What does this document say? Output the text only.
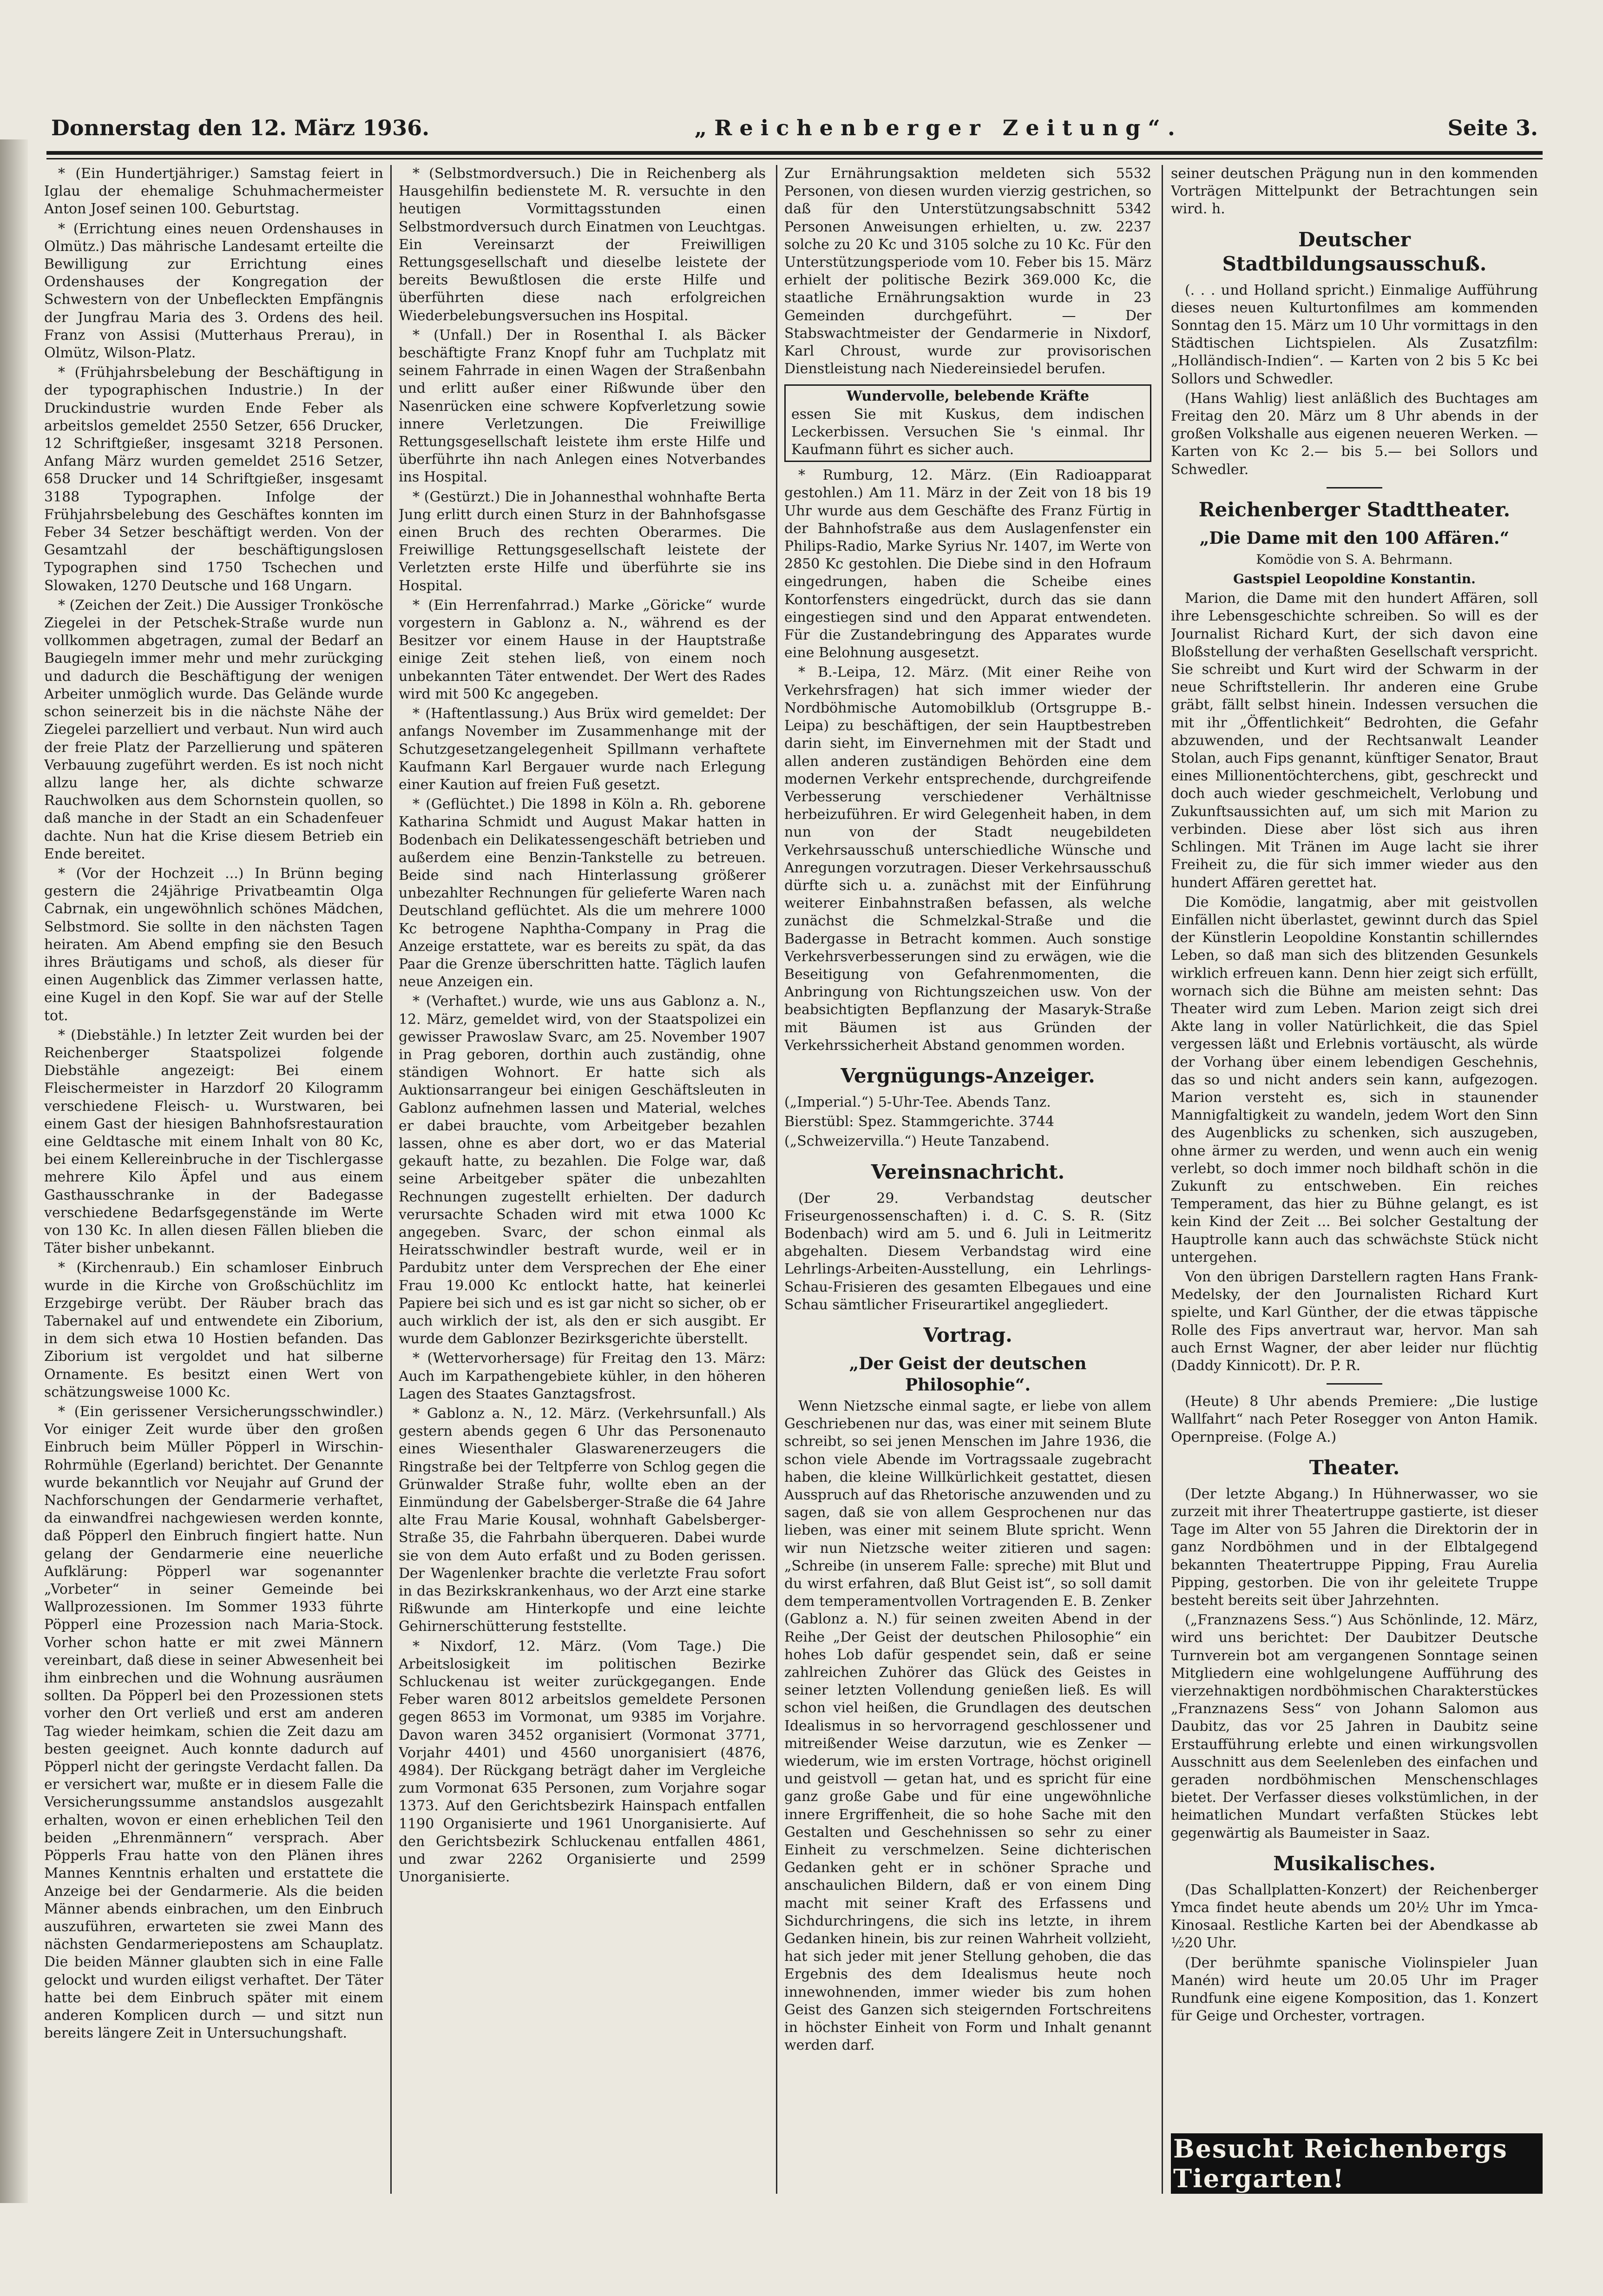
Donnerstag den 12. März 1936.	„Reichenberger Zeitung“.	Seite 3.

* (Ein Hundertjähriger.) Samstag feiert in Iglau der ehemalige Schuhmachermeister Anton Josef seinen 100. Geburtstag.

* (Errichtung eines neuen Ordenshauses in Olmütz.) Das mährische Landesamt erteilte die Bewilligung zur Errichtung eines Ordenshauses der Kongregation der Schwestern von der Unbefleckten Empfängnis der Jungfrau Maria des 3. Ordens des heil. Franz von Assisi (Mutterhaus Prerau), in Olmütz, Wilson-Platz.

* (Frühjahrsbelebung der Beschäftigung in der typographischen Industrie.) In der Druckindustrie wurden Ende Feber als arbeitslos gemeldet 2550 Setzer, 656 Drucker, 12 Schriftgießer, insgesamt 3218 Personen. Anfang März wurden gemeldet 2516 Setzer, 658 Drucker und 14 Schriftgießer, insgesamt 3188 Typographen. Infolge der Frühjahrsbelebung des Geschäftes konnten im Feber 34 Setzer beschäftigt werden. Von der Gesamtzahl der beschäftigungslosen Typographen sind 1750 Tschechen und Slowaken, 1270 Deutsche und 168 Ungarn.

* (Zeichen der Zeit.) Die Aussiger Tronkösche Ziegelei in der Petschek-Straße wurde nun vollkommen abgetragen, zumal der Bedarf an Baugiegeln immer mehr und mehr zurückging und dadurch die Beschäftigung der wenigen Arbeiter unmöglich wurde. Das Gelände wurde schon seinerzeit bis in die nächste Nähe der Ziegelei parzelliert und verbaut. Nun wird auch der freie Platz der Parzellierung und späteren Verbauung zugeführt werden. Es ist noch nicht allzu lange her, als dichte schwarze Rauchwolken aus dem Schornstein quollen, so daß manche in der Stadt an ein Schadenfeuer dachte. Nun hat die Krise diesem Betrieb ein Ende bereitet.

* (Vor der Hochzeit ...) In Brünn beging gestern die 24jährige Privatbeamtin Olga Cabrnak, ein ungewöhnlich schönes Mädchen, Selbstmord. Sie sollte in den nächsten Tagen heiraten. Am Abend empfing sie den Besuch ihres Bräutigams und schoß, als dieser für einen Augenblick das Zimmer verlassen hatte, eine Kugel in den Kopf. Sie war auf der Stelle tot.

* (Diebstähle.) In letzter Zeit wurden bei der Reichenberger Staatspolizei folgende Diebstähle angezeigt: Bei einem Fleischermeister in Harzdorf 20 Kilogramm verschiedene Fleisch- u. Wurstwaren, bei einem Gast der hiesigen Bahnhofsrestauration eine Geldtasche mit einem Inhalt von 80 Kc, bei einem Kellereinbruche in der Tischlergasse mehrere Kilo Äpfel und aus einem Gasthausschranke in der Badegasse verschiedene Bedarfsgegenstände im Werte von 130 Kc. In allen diesen Fällen blieben die Täter bisher unbekannt.

* (Kirchenraub.) Ein schamloser Einbruch wurde in die Kirche von Großschüchlitz im Erzgebirge verübt. Der Räuber brach das Tabernakel auf und entwendete ein Ziborium, in dem sich etwa 10 Hostien befanden. Das Ziborium ist vergoldet und hat silberne Ornamente. Es besitzt einen Wert von schätzungsweise 1000 Kc.

* (Ein gerissener Versicherungsschwindler.) Vor einiger Zeit wurde über den großen Einbruch beim Müller Pöpperl in Wirschin-Rohrmühle (Egerland) berichtet. Der Genannte wurde bekanntlich vor Neujahr auf Grund der Nachforschungen der Gendarmerie verhaftet, da einwandfrei nachgewiesen werden konnte, daß Pöpperl den Einbruch fingiert hatte. Nun gelang der Gendarmerie eine neuerliche Aufklärung: Pöpperl war sogenannter „Vorbeter“ in seiner Gemeinde bei Wallprozessionen. Im Sommer 1933 führte Pöpperl eine Prozession nach Maria-Stock. Vorher schon hatte er mit zwei Männern vereinbart, daß diese in seiner Abwesenheit bei ihm einbrechen und die Wohnung ausräumen sollten. Da Pöpperl bei den Prozessionen stets vorher den Ort verließ und erst am anderen Tag wieder heimkam, schien die Zeit dazu am besten geeignet. Auch konnte dadurch auf Pöpperl nicht der geringste Verdacht fallen. Da er versichert war, mußte er in diesem Falle die Versicherungssumme anstandslos ausgezahlt erhalten, wovon er einen erheblichen Teil den beiden „Ehrenmännern“ versprach. Aber Pöpperls Frau hatte von den Plänen ihres Mannes Kenntnis erhalten und erstattete die Anzeige bei der Gendarmerie. Als die beiden Männer abends einbrachen, um den Einbruch auszuführen, erwarteten sie zwei Mann des nächsten Gendarmeriepostens am Schauplatz. Die beiden Männer glaubten sich in eine Falle gelockt und wurden eiligst verhaftet. Der Täter hatte bei dem Einbruch später mit einem anderen Komplicen durch — und sitzt nun bereits längere Zeit in Untersuchungshaft.

* (Selbstmordversuch.) Die in Reichenberg als Hausgehilfin bedienstete M. R. versuchte in den heutigen Vormittagsstunden einen Selbstmordversuch durch Einatmen von Leuchtgas. Ein Vereinsarzt der Freiwilligen Rettungsgesellschaft und dieselbe leistete der bereits Bewußtlosen die erste Hilfe und überführten diese nach erfolgreichen Wiederbelebungsversuchen ins Hospital.

* (Unfall.) Der in Rosenthal I. als Bäcker beschäftigte Franz Knopf fuhr am Tuchplatz mit seinem Fahrrade in einen Wagen der Straßenbahn und erlitt außer einer Rißwunde über den Nasenrücken eine schwere Kopfverletzung sowie innere Verletzungen. Die Freiwillige Rettungsgesellschaft leistete ihm erste Hilfe und überführte ihn nach Anlegen eines Notverbandes ins Hospital.

* (Gestürzt.) Die in Johannesthal wohnhafte Berta Jung erlitt durch einen Sturz in der Bahnhofsgasse einen Bruch des rechten Oberarmes. Die Freiwillige Rettungsgesellschaft leistete der Verletzten erste Hilfe und überführte sie ins Hospital.

* (Ein Herrenfahrrad.) Marke „Göricke“ wurde vorgestern in Gablonz a. N., während es der Besitzer vor einem Hause in der Hauptstraße einige Zeit stehen ließ, von einem noch unbekannten Täter entwendet. Der Wert des Rades wird mit 500 Kc angegeben.

* (Haftentlassung.) Aus Brüx wird gemeldet: Der anfangs November im Zusammenhange mit der Schutzgesetzangelegenheit Spillmann verhaftete Kaufmann Karl Bergauer wurde nach Erlegung einer Kaution auf freien Fuß gesetzt.

* (Geflüchtet.) Die 1898 in Köln a. Rh. geborene Katharina Schmidt und August Makar hatten in Bodenbach ein Delikatessengeschäft betrieben und außerdem eine Benzin-Tankstelle zu betreuen. Beide sind nach Hinterlassung größerer unbezahlter Rechnungen für gelieferte Waren nach Deutschland geflüchtet. Als die um mehrere 1000 Kc betrogene Naphtha-Company in Prag die Anzeige erstattete, war es bereits zu spät, da das Paar die Grenze überschritten hatte. Täglich laufen neue Anzeigen ein.

* (Verhaftet.) wurde, wie uns aus Gablonz a. N., 12. März, gemeldet wird, von der Staatspolizei ein gewisser Prawoslaw Svarc, am 25. November 1907 in Prag geboren, dorthin auch zuständig, ohne ständigen Wohnort. Er hatte sich als Auktionsarrangeur bei einigen Geschäftsleuten in Gablonz aufnehmen lassen und Material, welches er dabei brauchte, vom Arbeitgeber bezahlen lassen, ohne es aber dort, wo er das Material gekauft hatte, zu bezahlen. Die Folge war, daß seine Arbeitgeber später die unbezahlten Rechnungen zugestellt erhielten. Der dadurch verursachte Schaden wird mit etwa 1000 Kc angegeben. Svarc, der schon einmal als Heiratsschwindler bestraft wurde, weil er in Pardubitz unter dem Versprechen der Ehe einer Frau 19.000 Kc entlockt hatte, hat keinerlei Papiere bei sich und es ist gar nicht so sicher, ob er auch wirklich der ist, als den er sich ausgibt. Er wurde dem Gablonzer Bezirksgerichte überstellt.

* (Wettervorhersage) für Freitag den 13. März: Auch im Karpathengebiete kühler, in den höheren Lagen des Staates Ganztagsfrost.

* Gablonz a. N., 12. März. (Verkehrsunfall.) Als gestern abends gegen 6 Uhr das Personenauto eines Wiesenthaler Glaswarenerzeugers die Ringstraße bei der Teltpferre von Schlog gegen die Grünwalder Straße fuhr, wollte eben an der Einmündung der Gabelsberger-Straße die 64 Jahre alte Frau Marie Kousal, wohnhaft Gabelsberger-Straße 35, die Fahrbahn überqueren. Dabei wurde sie von dem Auto erfaßt und zu Boden gerissen. Der Wagenlenker brachte die verletzte Frau sofort in das Bezirkskrankenhaus, wo der Arzt eine starke Rißwunde am Hinterkopfe und eine leichte Gehirnerschütterung feststellte.

* Nixdorf, 12. März. (Vom Tage.) Die Arbeitslosigkeit im politischen Bezirke Schluckenau ist weiter zurückgegangen. Ende Feber waren 8012 arbeitslos gemeldete Personen gegen 8653 im Vormonat, um 9385 im Vorjahre. Davon waren 3452 organisiert (Vormonat 3771, Vorjahr 4401) und 4560 unorganisiert (4876, 4984). Der Rückgang beträgt daher im Vergleiche zum Vormonat 635 Personen, zum Vorjahre sogar 1373. Auf den Gerichtsbezirk Hainspach entfallen 1190 Organisierte und 1961 Unorganisierte. Auf den Gerichtsbezirk Schluckenau entfallen 4861, und zwar 2262 Organisierte und 2599 Unorganisierte.

Zur Ernährungsaktion meldeten sich 5532 Personen, von diesen wurden vierzig gestrichen, so daß für den Unterstützungsabschnitt 5342 Personen Anweisungen erhielten, u. zw. 2237 solche zu 20 Kc und 3105 solche zu 10 Kc. Für den Unterstützungsperiode vom 10. Feber bis 15. März erhielt der politische Bezirk 369.000 Kc, die staatliche Ernährungsaktion wurde in 23 Gemeinden durchgeführt. — Der Stabswachtmeister der Gendarmerie in Nixdorf, Karl Chroust, wurde zur provisorischen Dienstleistung nach Niedereinsiedel berufen.

Wundervolle, belebende Kräfte
essen Sie mit Kuskus, dem indischen Leckerbissen. Versuchen Sie 's einmal. Ihr Kaufmann führt es sicher auch.

* Rumburg, 12. März. (Ein Radioapparat gestohlen.) Am 11. März in der Zeit von 18 bis 19 Uhr wurde aus dem Geschäfte des Franz Fürtig in der Bahnhofstraße aus dem Auslagenfenster ein Philips-Radio, Marke Syrius Nr. 1407, im Werte von 2850 Kc gestohlen. Die Diebe sind in den Hofraum eingedrungen, haben die Scheibe eines Kontorfensters eingedrückt, durch das sie dann eingestiegen sind und den Apparat entwendeten. Für die Zustandebringung des Apparates wurde eine Belohnung ausgesetzt.

* B.-Leipa, 12. März. (Mit einer Reihe von Verkehrsfragen) hat sich immer wieder der Nordböhmische Automobilklub (Ortsgruppe B.-Leipa) zu beschäftigen, der sein Hauptbestreben darin sieht, im Einvernehmen mit der Stadt und allen anderen zuständigen Behörden eine dem modernen Verkehr entsprechende, durchgreifende Verbesserung verschiedener Verhältnisse herbeizuführen. Er wird Gelegenheit haben, in dem nun von der Stadt neugebildeten Verkehrsausschuß unterschiedliche Wünsche und Anregungen vorzutragen. Dieser Verkehrsausschuß dürfte sich u. a. zunächst mit der Einführung weiterer Einbahnstraßen befassen, als welche zunächst die Schmelzkal-Straße und die Badergasse in Betracht kommen. Auch sonstige Verkehrsverbesserungen sind zu erwägen, wie die Beseitigung von Gefahrenmomenten, die Anbringung von Richtungszeichen usw. Von der beabsichtigten Bepflanzung der Masaryk-Straße mit Bäumen ist aus Gründen der Verkehrssicherheit Abstand genommen worden.

Vergnügungs-Anzeiger.

(„Imperial.“) 5-Uhr-Tee. Abends Tanz.

Bierstübl: Spez. Stammgerichte. 3744

(„Schweizervilla.“) Heute Tanzabend.

Vereinsnachricht.

(Der 29. Verbandstag deutscher Friseurgenossenschaften) i. d. C. S. R. (Sitz Bodenbach) wird am 5. und 6. Juli in Leitmeritz abgehalten. Diesem Verbandstag wird eine Lehrlings-Arbeiten-Ausstellung, ein Lehrlings-Schau-Frisieren des gesamten Elbegaues und eine Schau sämtlicher Friseurartikel angegliedert.

Vortrag.
„Der Geist der deutschen Philosophie“.

Wenn Nietzsche einmal sagte, er liebe von allem Geschriebenen nur das, was einer mit seinem Blute schreibt, so sei jenen Menschen im Jahre 1936, die schon viele Abende im Vortragssaale zugebracht haben, die kleine Willkürlichkeit gestattet, diesen Ausspruch auf das Rhetorische anzuwenden und zu sagen, daß sie von allem Gesprochenen nur das lieben, was einer mit seinem Blute spricht. Wenn wir nun Nietzsche weiter zitieren und sagen: „Schreibe (in unserem Falle: spreche) mit Blut und du wirst erfahren, daß Blut Geist ist“, so soll damit dem temperamentvollen Vortragenden E. B. Zenker (Gablonz a. N.) für seinen zweiten Abend in der Reihe „Der Geist der deutschen Philosophie“ ein hohes Lob dafür gespendet sein, daß er seine zahlreichen Zuhörer das Glück des Geistes in seiner letzten Vollendung genießen ließ. Es will schon viel heißen, die Grundlagen des deutschen Idealismus in so hervorragend geschlossener und mitreißender Weise darzutun, wie es Zenker — wiederum, wie im ersten Vortrage, höchst originell und geistvoll — getan hat, und es spricht für eine ganz große Gabe und für eine ungewöhnliche innere Ergriffenheit, die so hohe Sache mit den Gestalten und Geschehnissen so sehr zu einer Einheit zu verschmelzen. Seine dichterischen Gedanken geht er in schöner Sprache und anschaulichen Bildern, daß er von einem Ding macht mit seiner Kraft des Erfassens und Sichdurchringens, die sich ins letzte, in ihrem Gedanken hinein, bis zur reinen Wahrheit vollzieht, hat sich jeder mit jener Stellung gehoben, die das Ergebnis des dem Idealismus heute noch innewohnenden, immer wieder bis zum hohen Geist des Ganzen sich steigernden Fortschreitens in höchster Einheit von Form und Inhalt genannt werden darf.

seiner deutschen Prägung nun in den kommenden Vorträgen Mittelpunkt der Betrachtungen sein wird. h.

Deutscher Stadtbildungsausschuß.

(. . . und Holland spricht.) Einmalige Aufführung dieses neuen Kulturtonfilmes am kommenden Sonntag den 15. März um 10 Uhr vormittags in den Städtischen Lichtspielen. Als Zusatzfilm: „Holländisch-Indien“. — Karten von 2 bis 5 Kc bei Sollors und Schwedler.

(Hans Wahlig) liest anläßlich des Buchtages am Freitag den 20. März um 8 Uhr abends in der großen Volkshalle aus eigenen neueren Werken. — Karten von Kc 2.— bis 5.— bei Sollors und Schwedler.

Reichenberger Stadttheater.
„Die Dame mit den 100 Affären.“
Komödie von S. A. Behrmann.
Gastspiel Leopoldine Konstantin.

Marion, die Dame mit den hundert Affären, soll ihre Lebensgeschichte schreiben. So will es der Journalist Richard Kurt, der sich davon eine Bloßstellung der verhaßten Gesellschaft verspricht. Sie schreibt und Kurt wird der Schwarm in der neue Schriftstellerin. Ihr anderen eine Grube gräbt, fällt selbst hinein. Indessen versuchen die mit ihr „Öffentlichkeit“ Bedrohten, die Gefahr abzuwenden, und der Rechtsanwalt Leander Stolan, auch Fips genannt, künftiger Senator, Braut eines Millionentöchterchens, gibt, geschreckt und doch auch wieder geschmeichelt, Verlobung und Zukunftsaussichten auf, um sich mit Marion zu verbinden. Diese aber löst sich aus ihren Schlingen. Mit Tränen im Auge lacht sie ihrer Freiheit zu, die für sich immer wieder aus den hundert Affären gerettet hat.

Die Komödie, langatmig, aber mit geistvollen Einfällen nicht überlastet, gewinnt durch das Spiel der Künstlerin Leopoldine Konstantin schillerndes Leben, so daß man sich des blitzenden Gesunkels wirklich erfreuen kann. Denn hier zeigt sich erfüllt, wornach sich die Bühne am meisten sehnt: Das Theater wird zum Leben. Marion zeigt sich drei Akte lang in voller Natürlichkeit, die das Spiel vergessen läßt und Erlebnis vortäuscht, als würde der Vorhang über einem lebendigen Geschehnis, das so und nicht anders sein kann, aufgezogen. Marion versteht es, sich in staunender Mannigfaltigkeit zu wandeln, jedem Wort den Sinn des Augenblicks zu schenken, sich auszugeben, ohne ärmer zu werden, und wenn auch ein wenig verlebt, so doch immer noch bildhaft schön in die Zukunft zu entschweben. Ein reiches Temperament, das hier zu Bühne gelangt, es ist kein Kind der Zeit ... Bei solcher Gestaltung der Hauptrolle kann auch das schwächste Stück nicht untergehen.

Von den übrigen Darstellern ragten Hans Frank-Medelsky, der den Journalisten Richard Kurt spielte, und Karl Günther, der die etwas täppische Rolle des Fips anvertraut war, hervor. Man sah auch Ernst Wagner, der aber leider nur flüchtig (Daddy Kinnicott). Dr. P. R.

(Heute) 8 Uhr abends Premiere: „Die lustige Wallfahrt“ nach Peter Rosegger von Anton Hamik. Opernpreise. (Folge A.)

Theater.

(Der letzte Abgang.) In Hühnerwasser, wo sie zurzeit mit ihrer Theatertruppe gastierte, ist dieser Tage im Alter von 55 Jahren die Direktorin der in ganz Nordböhmen und in der Elbtalgegend bekannten Theatertruppe Pipping, Frau Aurelia Pipping, gestorben. Die von ihr geleitete Truppe besteht bereits seit über Jahrzehnten.

(„Franznazens Sess.“) Aus Schönlinde, 12. März, wird uns berichtet: Der Daubitzer Deutsche Turnverein bot am vergangenen Sonntage seinen Mitgliedern eine wohlgelungene Aufführung des vierzehnaktigen nordböhmischen Charakterstückes „Franznazens Sess“ von Johann Salomon aus Daubitz, das vor 25 Jahren in Daubitz seine Erstaufführung erlebte und einen wirkungsvollen Ausschnitt aus dem Seelenleben des einfachen und geraden nordböhmischen Menschenschlages bietet. Der Verfasser dieses volkstümlichen, in der heimatlichen Mundart verfaßten Stückes lebt gegenwärtig als Baumeister in Saaz.

Musikalisches.

(Das Schallplatten-Konzert) der Reichenberger Ymca findet heute abends um 20½ Uhr im Ymca-Kinosaal. Restliche Karten bei der Abendkasse ab ½20 Uhr.

(Der berühmte spanische Violinspieler Juan Manén) wird heute um 20.05 Uhr im Prager Rundfunk eine eigene Komposition, das 1. Konzert für Geige und Orchester, vortragen.

Besucht Reichenbergs Tiergarten!
